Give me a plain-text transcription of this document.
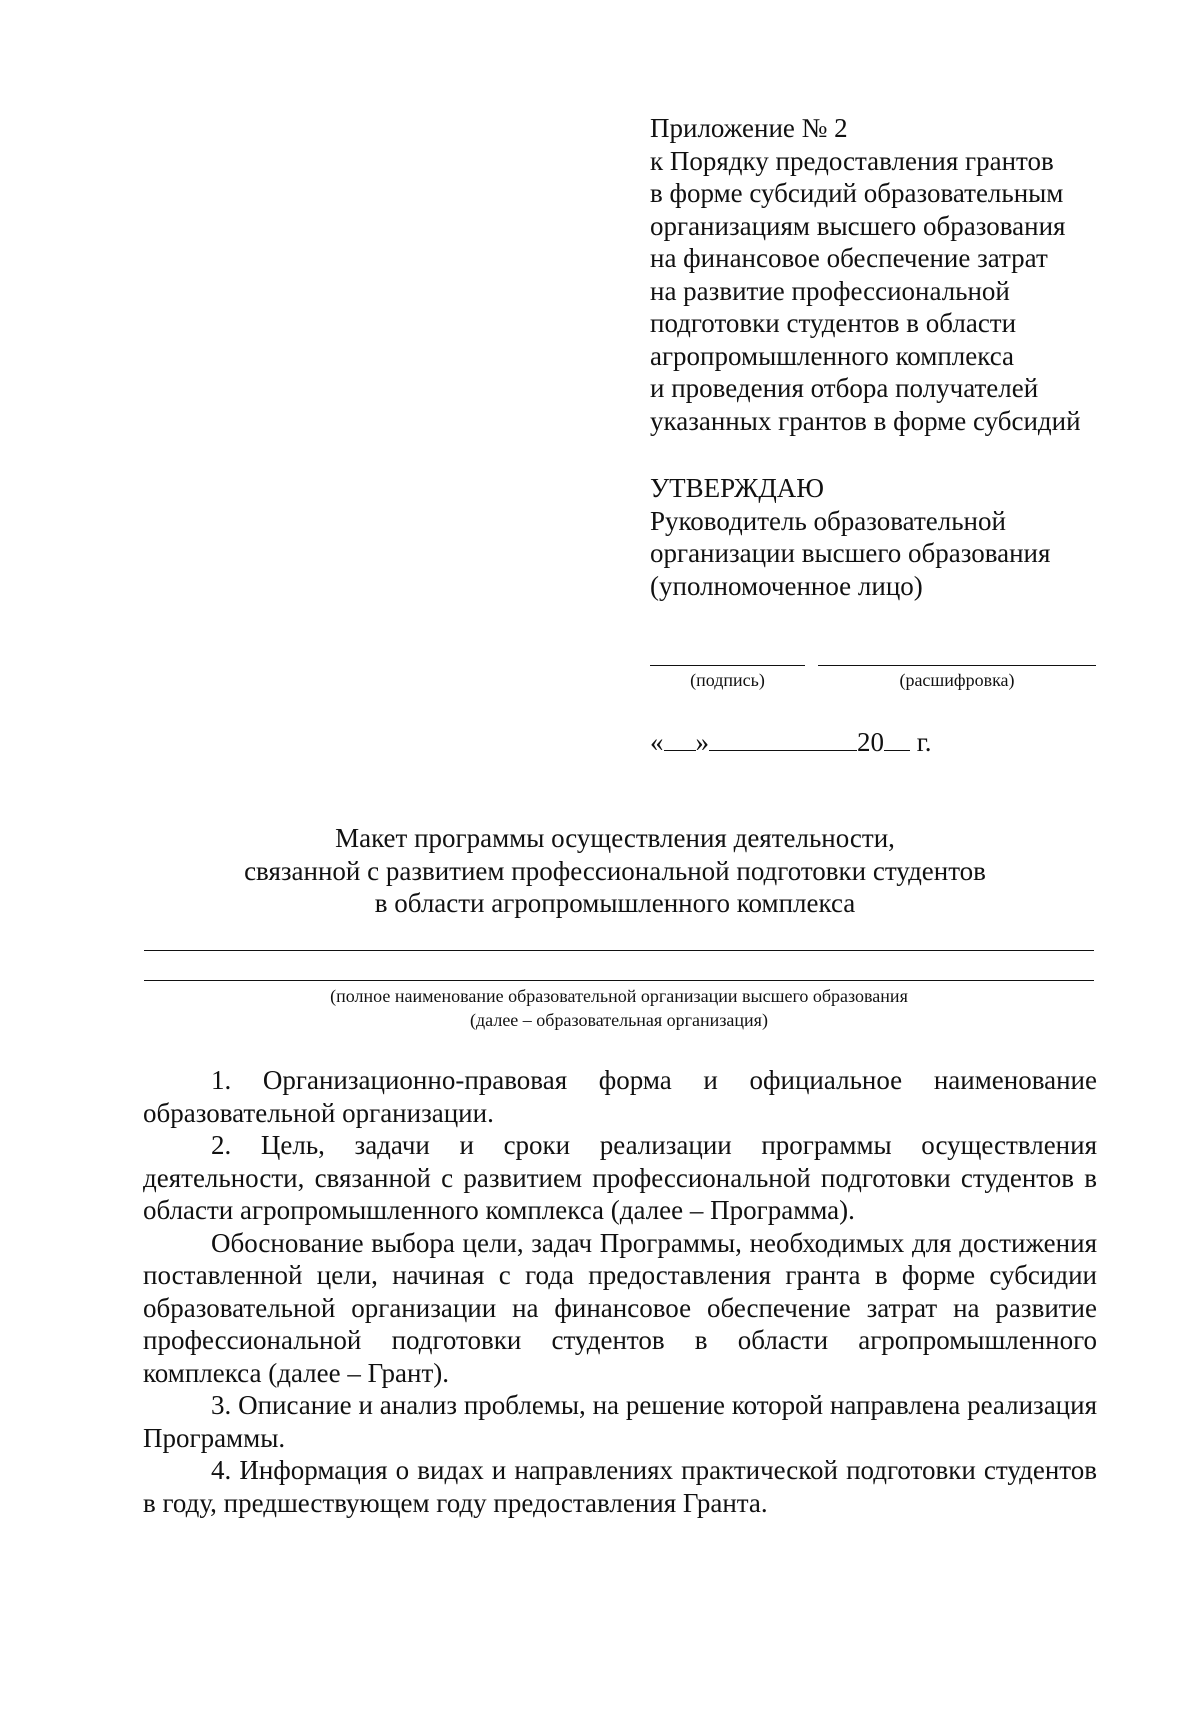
Приложение № 2
к Порядку предоставления грантов
в форме субсидий образовательным
организациям высшего образования
на финансовое обеспечение затрат
на развитие профессиональной
подготовки студентов в области
агропромышленного комплекса
и проведения отбора получателей
указанных грантов в форме субсидий
УТВЕРЖДАЮ
Руководитель образовательной
организации высшего образования
(уполномоченное лицо)
(подпись)	(расшифровка)
« »	20 г.
Макет программы осуществления деятельности,
связанной с развитием профессиональной подготовки студентов
в области агропромышленного комплекса
(полное наименование образовательной организации высшего образования
(далее – образовательная организация)

1. Организационно-правовая форма и официальное наименование образовательной организации.

2. Цель, задачи и сроки реализации программы осуществления деятельности, связанной с развитием профессиональной подготовки студентов в области агропромышленного комплекса (далее – Программа).

Обоснование выбора цели, задач Программы, необходимых для достижения поставленной цели, начиная с года предоставления гранта в форме субсидии образовательной организации на финансовое обеспечение затрат на развитие профессиональной подготовки студентов в области агропромышленного комплекса (далее – Грант).

3. Описание и анализ проблемы, на решение которой направлена реализация Программы.

4. Информация о видах и направлениях практической подготовки студентов в году, предшествующем году предоставления Гранта.
